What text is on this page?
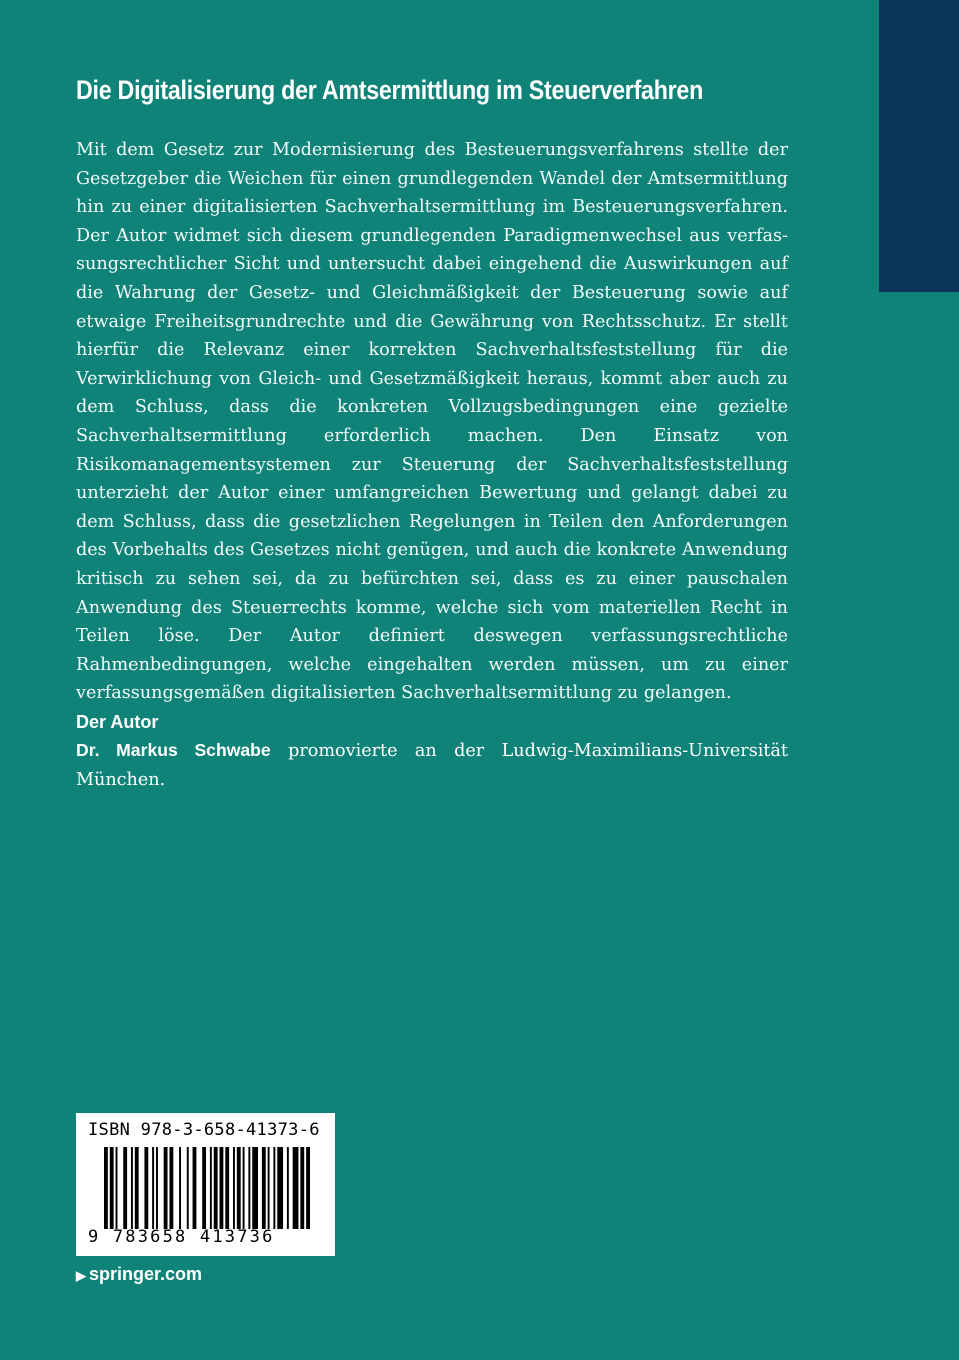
Die Digitalisierung der Amtsermittlung im Steuerverfahren

Mit dem Gesetz zur Modernisierung des Besteuerungsverfahrens stellte der Gesetzgeber die Weichen für einen grundlegenden Wandel der Amtsermittlung hin zu einer digitalisierten Sachverhaltsermittlung im Besteuerungsverfahren. Der Autor widmet sich diesem grundlegenden Paradigmenwechsel aus verfassungsrechtlicher Sicht und untersucht dabei eingehend die Auswirkungen auf die Wahrung der Gesetz- und Gleichmäßigkeit der Besteuerung sowie auf etwaige Freiheitsgrundrechte und die Gewährung von Rechtsschutz. Er stellt hierfür die Relevanz einer korrekten Sachverhaltsfeststellung für die Verwirklichung von Gleich- und Gesetzmäßigkeit heraus, kommt aber auch zu dem Schluss, dass die konkreten Vollzugsbedingungen eine gezielte Sachverhaltsermittlung erforderlich machen. Den Einsatz von Risikomanagementsystemen zur Steuerung der Sachverhaltsfeststellung unterzieht der Autor einer umfangreichen Bewertung und gelangt dabei zu dem Schluss, dass die gesetzlichen Regelungen in Teilen den Anforderungen des Vorbehalts des Gesetzes nicht genügen, und auch die konkrete Anwendung kritisch zu sehen sei, da zu befürchten sei, dass es zu einer pauschalen Anwendung des Steuerrechts komme, welche sich vom materiellen Recht in Teilen löse. Der Autor definiert deswegen verfassungsrechtliche Rahmenbedingungen, welche eingehalten werden müssen, um zu einer verfassungsgemäßen digitalisierten Sachverhaltsermittlung zu gelangen.

Der Autor

Dr. Markus Schwabe promovierte an der Ludwig-Maximilians-Universität München.

ISBN 978-3-658-41373-6
9 783658 413736
▶ springer.com
